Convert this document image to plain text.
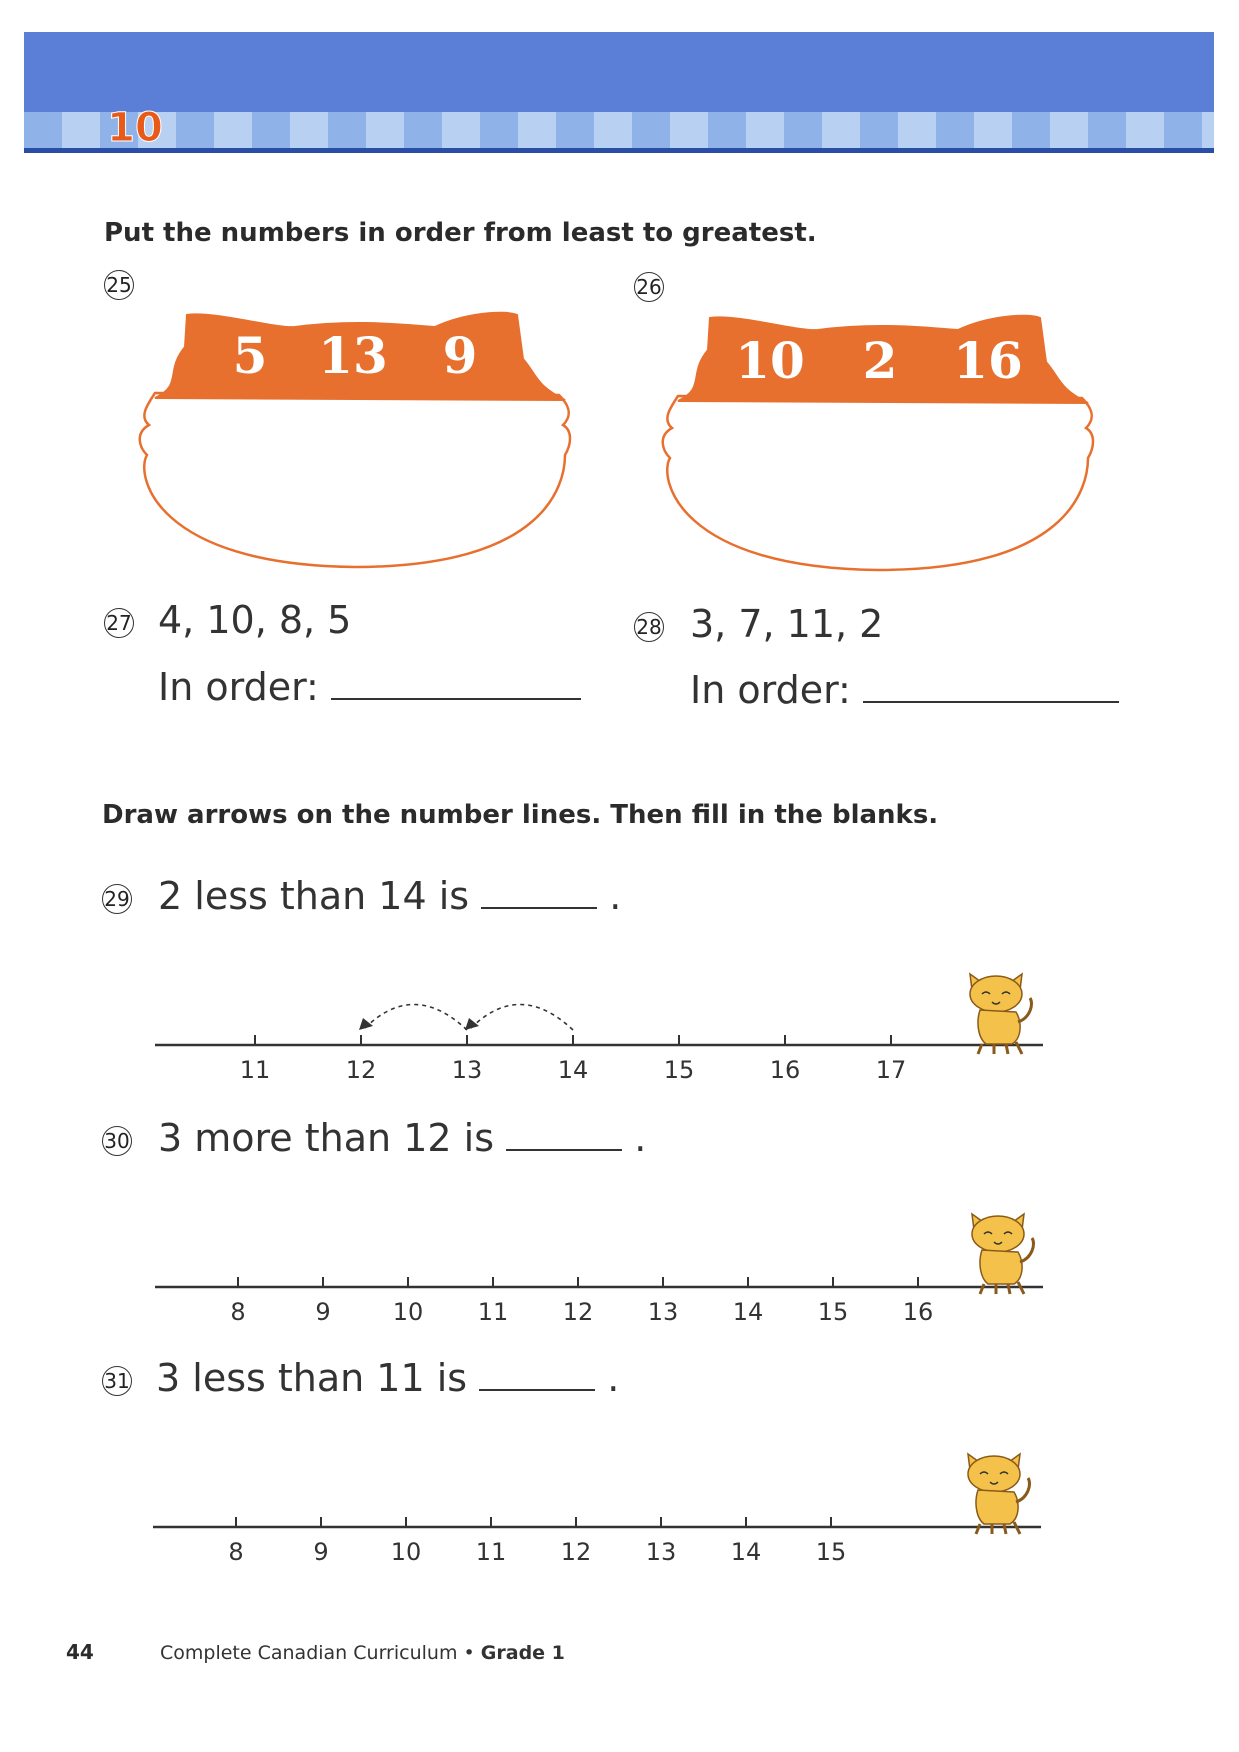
10
Put the numbers in order from least to greatest.
25	26
5 13 9	10 2 16
27 4, 10, 8, 5
In order:
28 3, 7, 11, 2
In order:
Draw arrows on the number lines. Then fill in the blanks.
29 2 less than 14 is	.
11	12	13	14	15	16	17
30 3 more than 12 is	.
8	9	10 11 12 13 14 15 16
31 3 less than 11 is	.
8	9	10 11 12 13 14 15
44	Complete Canadian Curriculum • Grade 1
